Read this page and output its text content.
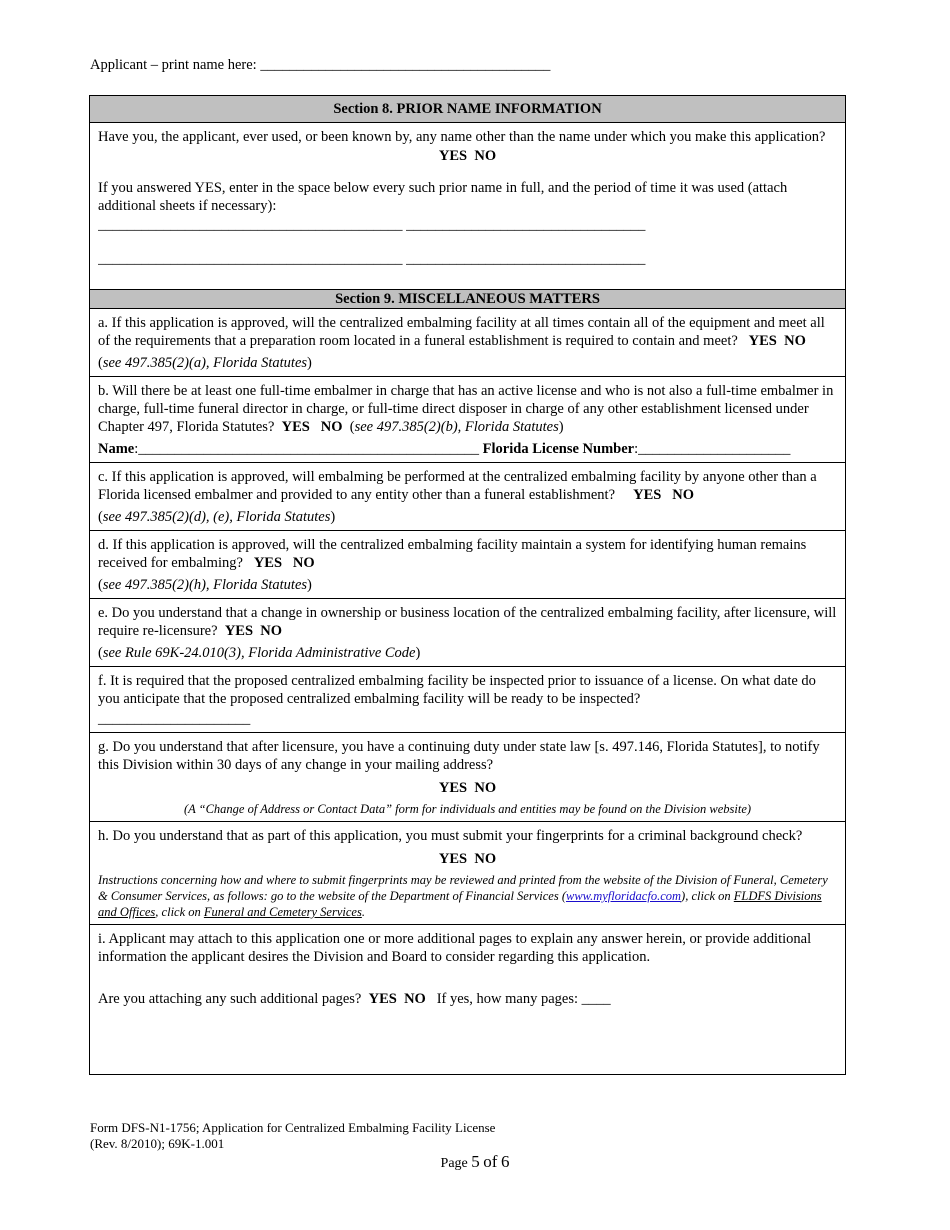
Applicant – print name here: ________________________________________
Section 8. PRIOR NAME INFORMATION
Have you, the applicant, ever used, or been known by, any name other than the name under which you make this application?
YES NO
If you answered YES, enter in the space below every such prior name in full, and the period of time it was used (attach additional sheets if necessary):
__________________________________________ _________________________________
__________________________________________ _________________________________
Section 9. MISCELLANEOUS MATTERS
a. If this application is approved, will the centralized embalming facility at all times contain all of the equipment and meet all of the requirements that a preparation room located in a funeral establishment is required to contain and meet? YES NO
(see 497.385(2)(a), Florida Statutes)
b. Will there be at least one full-time embalmer in charge that has an active license and who is not also a full-time embalmer in charge, full-time funeral director in charge, or full-time direct disposer in charge of any other establishment licensed under Chapter 497, Florida Statutes? YES NO  (see 497.385(2)(b), Florida Statutes)
Name:_______________________________________________ Florida License Number:_____________________
c. If this application is approved, will embalming be performed at the centralized embalming facility by anyone other than a Florida licensed embalmer and provided to any entity other than a funeral establishment? YES NO
(see 497.385(2)(d), (e), Florida Statutes)
d. If this application is approved, will the centralized embalming facility maintain a system for identifying human remains received for embalming? YES NO
(see 497.385(2)(h), Florida Statutes)
e. Do you understand that a change in ownership or business location of the centralized embalming facility, after licensure, will require re-licensure? YES NO
(see Rule 69K-24.010(3), Florida Administrative Code)
f. It is required that the proposed centralized embalming facility be inspected prior to issuance of a license. On what date do you anticipate that the proposed centralized embalming facility will be ready to be inspected?
_____________________
g. Do you understand that after licensure, you have a continuing duty under state law [s. 497.146, Florida Statutes], to notify this Division within 30 days of any change in your mailing address?
YES NO
(A “Change of Address or Contact Data” form for individuals and entities may be found on the Division website)
h. Do you understand that as part of this application, you must submit your fingerprints for a criminal background check?
YES NO
Instructions concerning how and where to submit fingerprints may be reviewed and printed from the website of the Division of Funeral, Cemetery & Consumer Services, as follows: go to the website of the Department of Financial Services (www.myfloridacfo.com), click on FLDFS Divisions and Offices, click on Funeral and Cemetery Services.
i. Applicant may attach to this application one or more additional pages to explain any answer herein, or provide additional information the applicant desires the Division and Board to consider regarding this application.
Are you attaching any such additional pages? YES NO If yes, how many pages: ____
Form DFS-N1-1756; Application for Centralized Embalming Facility License
(Rev. 8/2010); 69K-1.001
Page 5 of 6
